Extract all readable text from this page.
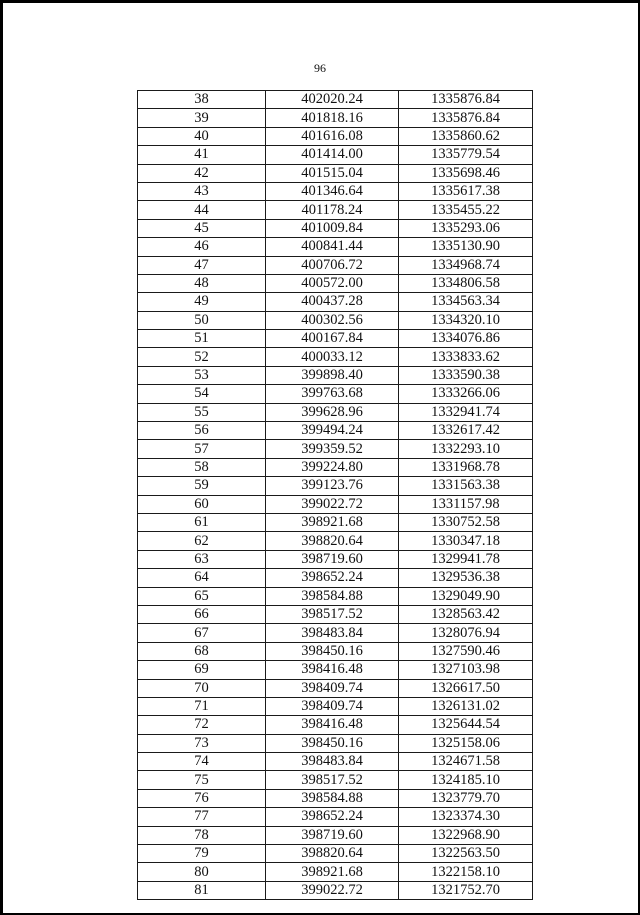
96
38	402020.24	1335876.84
39	401818.16	1335876.84
40	401616.08	1335860.62
41	401414.00	1335779.54
42	401515.04	1335698.46
43	401346.64	1335617.38
44	401178.24	1335455.22
45	401009.84	1335293.06
46	400841.44	1335130.90
47	400706.72	1334968.74
48	400572.00	1334806.58
49	400437.28	1334563.34
50	400302.56	1334320.10
51	400167.84	1334076.86
52	400033.12	1333833.62
53	399898.40	1333590.38
54	399763.68	1333266.06
55	399628.96	1332941.74
56	399494.24	1332617.42
57	399359.52	1332293.10
58	399224.80	1331968.78
59	399123.76	1331563.38
60	399022.72	1331157.98
61	398921.68	1330752.58
62	398820.64	1330347.18
63	398719.60	1329941.78
64	398652.24	1329536.38
65	398584.88	1329049.90
66	398517.52	1328563.42
67	398483.84	1328076.94
68	398450.16	1327590.46
69	398416.48	1327103.98
70	398409.74	1326617.50
71	398409.74	1326131.02
72	398416.48	1325644.54
73	398450.16	1325158.06
74	398483.84	1324671.58
75	398517.52	1324185.10
76	398584.88	1323779.70
77	398652.24	1323374.30
78	398719.60	1322968.90
79	398820.64	1322563.50
80	398921.68	1322158.10
81	399022.72	1321752.70
